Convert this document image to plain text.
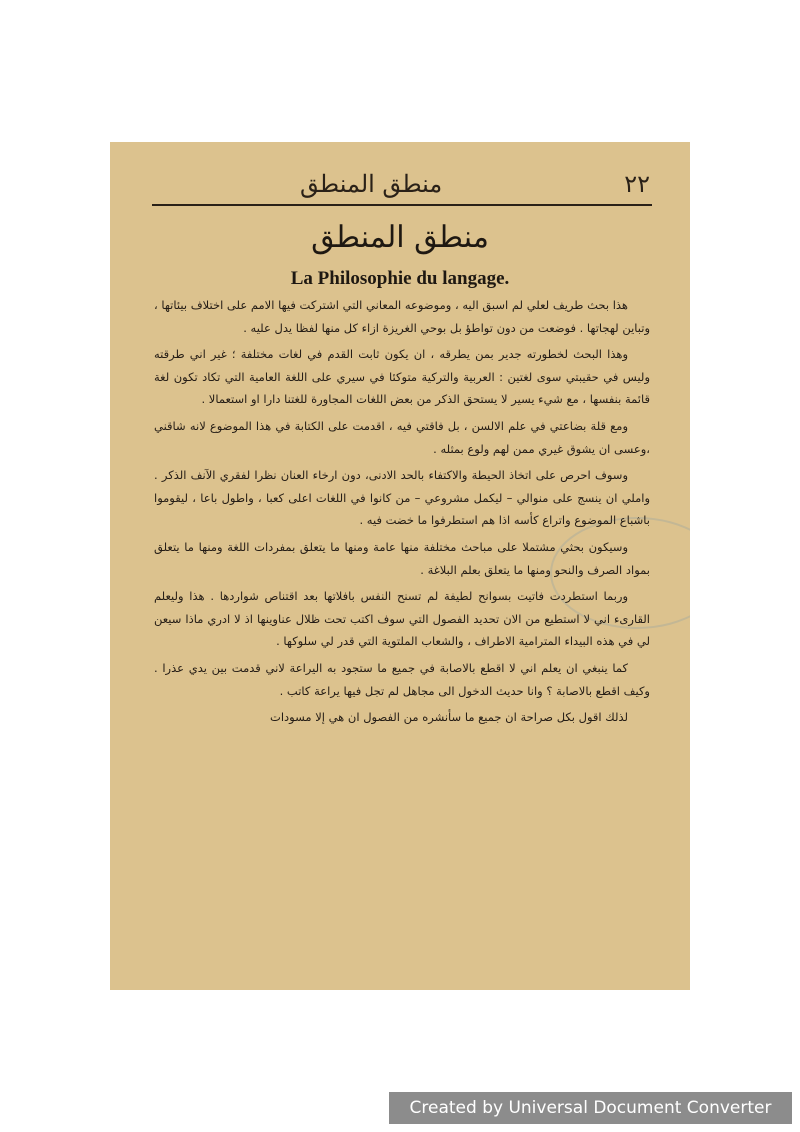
٢٢
منطق المنطق
منطق المنطق
La Philosophie du langage.

هذا بحث طريف لعلي لم اسبق اليه ، وموضوعه المعاني التي اشتركت فيها الامم على اختلاف بيئاتها ، وتباين لهجاتها . فوضعت من دون تواطؤ بل بوحي الغريزة ازاء كل منها لفظا يدل عليه .

وهذا البحث لخطورته جدير بمن يطرقه ، ان يكون ثابت القدم في لغات مختلفة ؛ غير اني طرقته وليس في حقيبتي سوى لغتين : العربية والتركية متوكئا في سيري على اللغة العامية التي تكاد تكون لغة قائمة بنفسها ، مع شيء يسير لا يستحق الذكر من بعض اللغات المجاورة للغتنا دارا او استعمالا .

ومع قلة بضاعتي في علم الالسن ، بل فاقتي فيه ، اقدمت على الكتابة في هذا الموضوع لانه شاقني ،وعسى ان يشوق غيري ممن لهم ولوع بمثله .

وسوف احرص على اتخاذ الحيطة والاكتفاء بالحد الادنى، دون ارخاء العنان نظرا لفقري الآنف الذكر . واملي ان ينسج على منوالي – ليكمل مشروعي – من كانوا في اللغات اعلى كعبا ، واطول باعا ، ليقوموا باشباع الموضوع واتراع كأسه اذا هم استطرفوا ما خضت فيه .

وسيكون بحثي مشتملا على مباحث مختلفة منها عامة ومنها ما يتعلق بمفردات اللغة ومنها ما يتعلق بمواد الصرف والنحو ومنها ما يتعلق بعلم البلاغة .

وربما استطردت فاتيت بسوانح لطيفة لم تسنح النفس بافلاتها بعد اقتناص شواردها . هذا وليعلم القارىء اني لا استطيع من الان تحديد الفصول التي سوف اكتب تحت ظلال عناوينها اذ لا ادري ماذا سيعن لي في هذه البيداء المترامية الاطراف ، والشعاب الملتوية التي قدر لي سلوكها .

كما ينبغي ان يعلم اني لا اقطع بالاصابة في جميع ما ستجود به اليراعة لاني قدمت بين يدي عذرا . وكيف اقطع بالاصابة ؟ وانا حديث الدخول الى مجاهل لم تجل فيها يراعة كاتب .

لذلك اقول بكل صراحة ان جميع ما سأنشره من الفصول ان هي إلا مسودات

Created by Universal Document Converter
